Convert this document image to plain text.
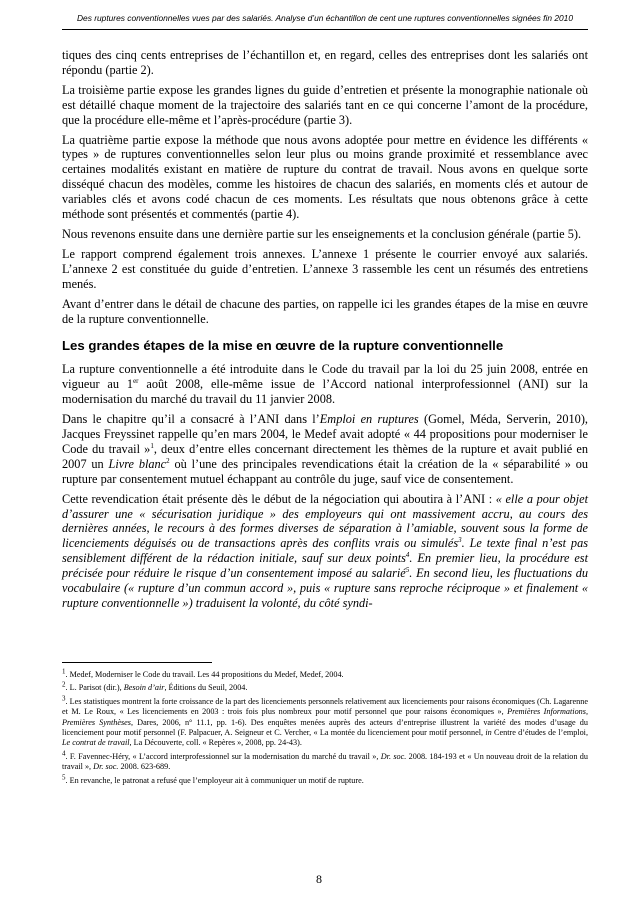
Des ruptures conventionnelles vues par des salariés. Analyse d’un échantillon de cent une ruptures conventionnelles signées fin 2010

tiques des cinq cents entreprises de l’échantillon et, en regard, celles des entreprises dont les salariés ont répondu (partie 2).

La troisième partie expose les grandes lignes du guide d’entretien et présente la monographie nationale où est détaillé chaque moment de la trajectoire des salariés tant en ce qui concerne l’amont de la procédure, que la procédure elle-même et l’après-procédure (partie 3).

La quatrième partie expose la méthode que nous avons adoptée pour mettre en évidence les différents « types » de ruptures conventionnelles selon leur plus ou moins grande proximité et ressemblance avec certaines modalités existant en matière de rupture du contrat de travail. Nous avons en quelque sorte disséqué chacun des modèles, comme les histoires de chacun des salariés, en moments clés et autour de variables clés et avons codé chacun de ces moments. Les résultats que nous obtenons grâce à cette méthode sont présentés et commentés (partie 4).

Nous revenons ensuite dans une dernière partie sur les enseignements et la conclusion générale (partie 5).

Le rapport comprend également trois annexes. L’annexe 1 présente le courrier envoyé aux salariés. L’annexe 2 est constituée du guide d’entretien. L’annexe 3 rassemble les cent un résumés des entretiens menés.

Avant d’entrer dans le détail de chacune des parties, on rappelle ici les grandes étapes de la mise en œuvre de la rupture conventionnelle.

Les grandes étapes de la mise en œuvre de la rupture conventionnelle

La rupture conventionnelle a été introduite dans le Code du travail par la loi du 25 juin 2008, entrée en vigueur au 1er août 2008, elle-même issue de l’Accord national interprofessionnel (ANI) sur la modernisation du marché du travail du 11 janvier 2008.

Dans le chapitre qu’il a consacré à l’ANI dans l’Emploi en ruptures (Gomel, Méda, Serverin, 2010), Jacques Freyssinet rappelle qu’en mars 2004, le Medef avait adopté « 44 propositions pour moderniser le Code du travail »$^1$, deux d’entre elles concernant directement les thèmes de la rupture et avait publié en 2007 un Livre blanc$^2$ où l’une des principales revendications était la création de la « séparabilité » ou rupture par consentement mutuel échappant au contrôle du juge, sauf vice de consentement.

Cette revendication était présente dès le début de la négociation qui aboutira à l’ANI : « elle a pour objet d’assurer une « sécurisation juridique » des employeurs qui ont massivement accru, au cours des dernières années, le recours à des formes diverses de séparation à l’amiable, souvent sous la forme de licenciements déguisés ou de transactions après des conflits vrais ou simulés$^3$. Le texte final n’est pas sensiblement différent de la rédaction initiale, sauf sur deux points$^4$. En premier lieu, la procédure est précisée pour réduire le risque d’un consentement imposé au salarié$^5$. En second lieu, les fluctuations du vocabulaire (« rupture d’un commun accord », puis « rupture sans reproche réciproque » et finalement « rupture conventionnelle ») traduisent la volonté, du côté syndi-

$^1$. Medef, Moderniser le Code du travail. Les 44 propositions du Medef, Medef, 2004.

$^2$. L. Parisot (dir.), Besoin d’air, Éditions du Seuil, 2004.

$^3$. Les statistiques montrent la forte croissance de la part des licenciements personnels relativement aux licenciements pour raisons économiques (Ch. Lagarenne et M. Le Roux, « Les licenciements en 2003 : trois fois plus nombreux pour motif personnel que pour raisons économiques », Premières Informations, Premières Synthèses, Dares, 2006, n° 11.1, pp. 1-6). Des enquêtes menées auprès des acteurs d’entreprise illustrent la variété des modes d’usage du licenciement pour motif personnel (F. Palpacuer, A. Seigneur et C. Vercher, « La montée du licenciement pour motif personnel, in Centre d’études de l’emploi, Le contrat de travail, La Découverte, coll. « Repères », 2008, pp. 24-43).

$^4$. F. Favennec-Héry, « L’accord interprofessionnel sur la modernisation du marché du travail », Dr. soc. 2008. 184-193 et « Un nouveau droit de la relation du travail », Dr. soc. 2008. 623-689.

$^5$. En revanche, le patronat a refusé que l’employeur ait à communiquer un motif de rupture.

8
